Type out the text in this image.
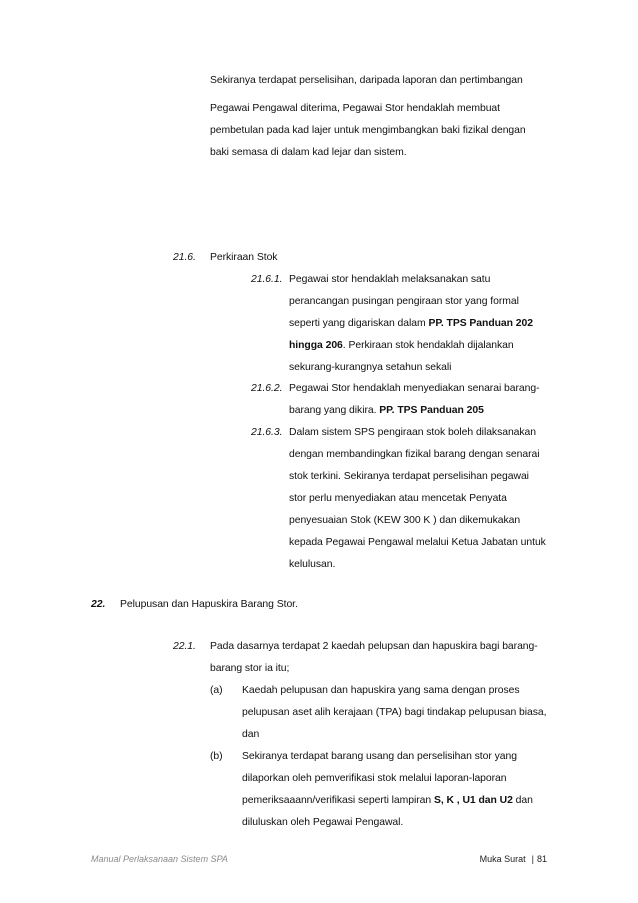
Sekiranya terdapat perselisihan, daripada laporan dan pertimbangan
Pegawai Pengawal diterima, Pegawai Stor hendaklah membuat
pembetulan pada kad lajer untuk mengimbangkan baki fizikal dengan
baki semasa di dalam kad lejar dan sistem.
21.6. Perkiraan Stok
21.6.1. Pegawai stor hendaklah melaksanakan satu
perancangan pusingan pengiraan stor yang formal
seperti yang digariskan dalam PP. TPS Panduan 202
hingga 206. Perkiraan stok hendaklah dijalankan
sekurang-kurangnya setahun sekali
21.6.2. Pegawai Stor hendaklah menyediakan senarai barang-
barang yang dikira. PP. TPS Panduan 205
21.6.3. Dalam sistem SPS pengiraan stok boleh dilaksanakan
dengan membandingkan fizikal barang dengan senarai
stok terkini. Sekiranya terdapat perselisihan pegawai
stor perlu menyediakan atau mencetak Penyata
penyesuaian Stok (KEW 300 K ) dan dikemukakan
kepada Pegawai Pengawal melalui Ketua Jabatan untuk
kelulusan.
22. Pelupusan dan Hapuskira Barang Stor.
22.1. Pada dasarnya terdapat 2 kaedah pelupsan dan hapuskira bagi barang-
barang stor ia itu;
(a) Kaedah pelupusan dan hapuskira yang sama dengan proses
pelupusan aset alih kerajaan (TPA) bagi tindakap pelupusan biasa,
dan
(b) Sekiranya terdapat barang usang dan perselisihan stor yang
dilaporkan oleh pemverifikasi stok melalui laporan-laporan
pemeriksaaann/verifikasi seperti lampiran S, K , U1 dan U2 dan
diluluskan oleh Pegawai Pengawal.
Manual Perlaksanaan Sistem SPA	Muka Surat | 81
